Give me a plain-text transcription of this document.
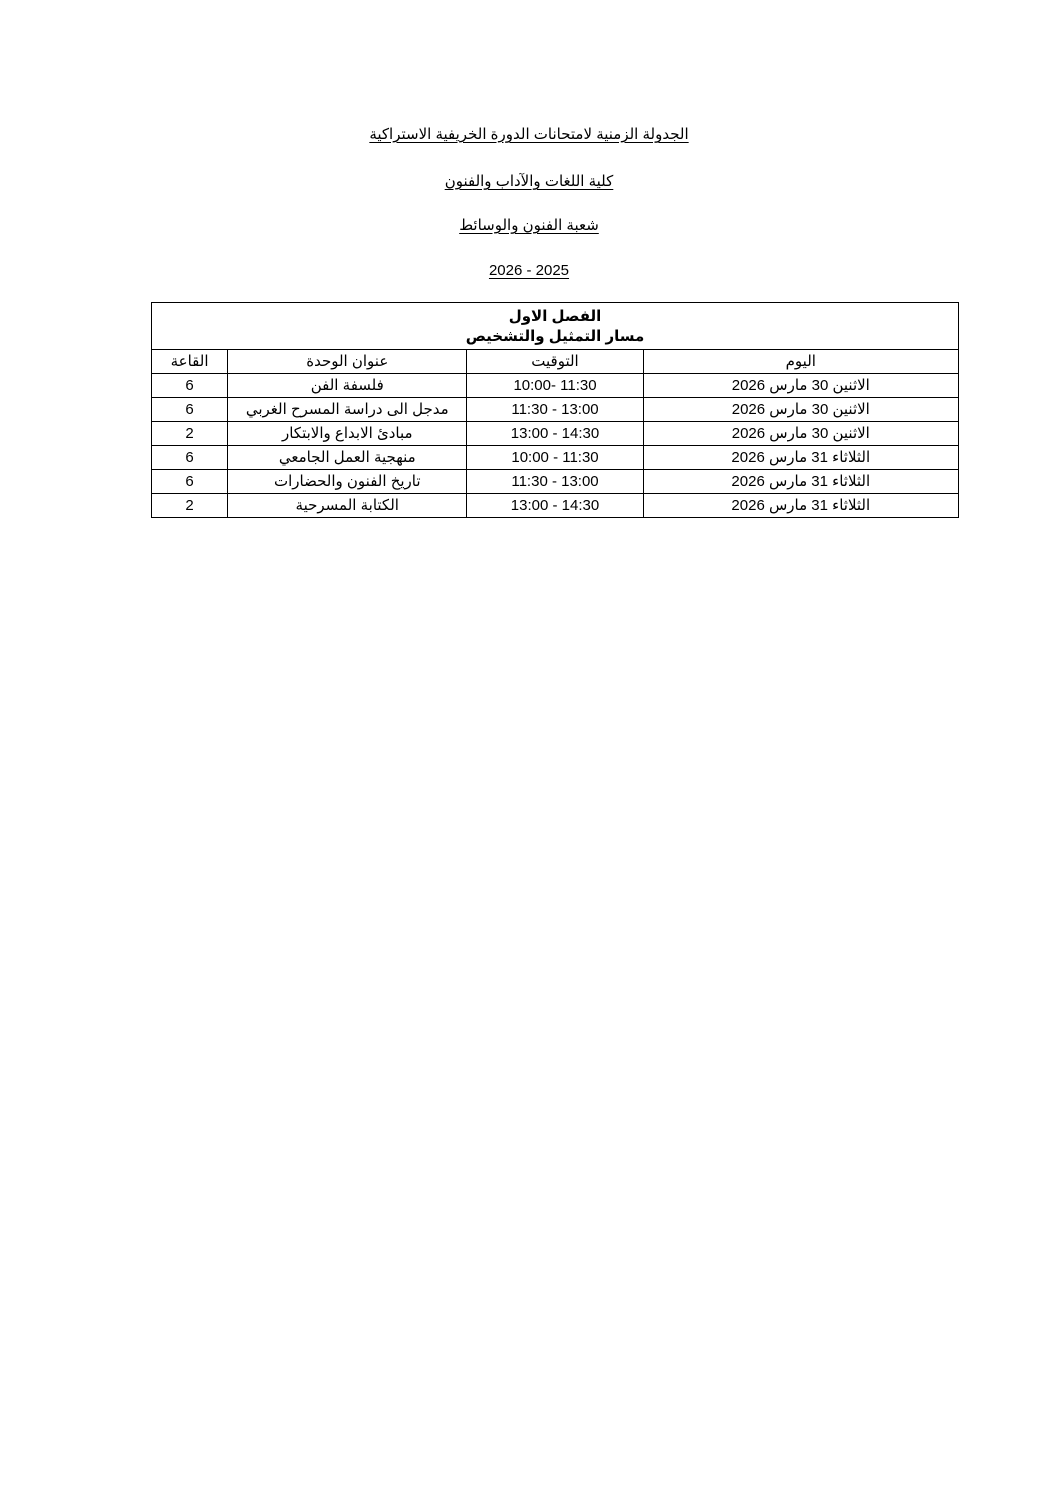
الجدولة الزمنية لامتحانات الدورة الخريفية الاستراكية
كلية اللغات والآداب والفنون
شعبة الفنون والوسائط
2026 - 2025
الفصل الاول
مسار التمثيل والتشخيص			

اليوم	التوقيت	عنوان الوحدة	القاعة
الاثنين 30 مارس 2026	10:00- 11:30	فلسفة الفن	6
الاثنين 30 مارس 2026	11:30 - 13:00	مدجل الى دراسة المسرح الغربي	6
الاثنين 30 مارس 2026	13:00 - 14:30	مبادئ الابداع والابتكار	2
الثلاثاء 31 مارس 2026	10:00 - 11:30	منهجية العمل الجامعي	6
الثلاثاء 31 مارس 2026	11:30 - 13:00	تاريخ الفنون والحضارات	6
الثلاثاء 31 مارس 2026	13:00 - 14:30	الكتابة المسرحية	2
